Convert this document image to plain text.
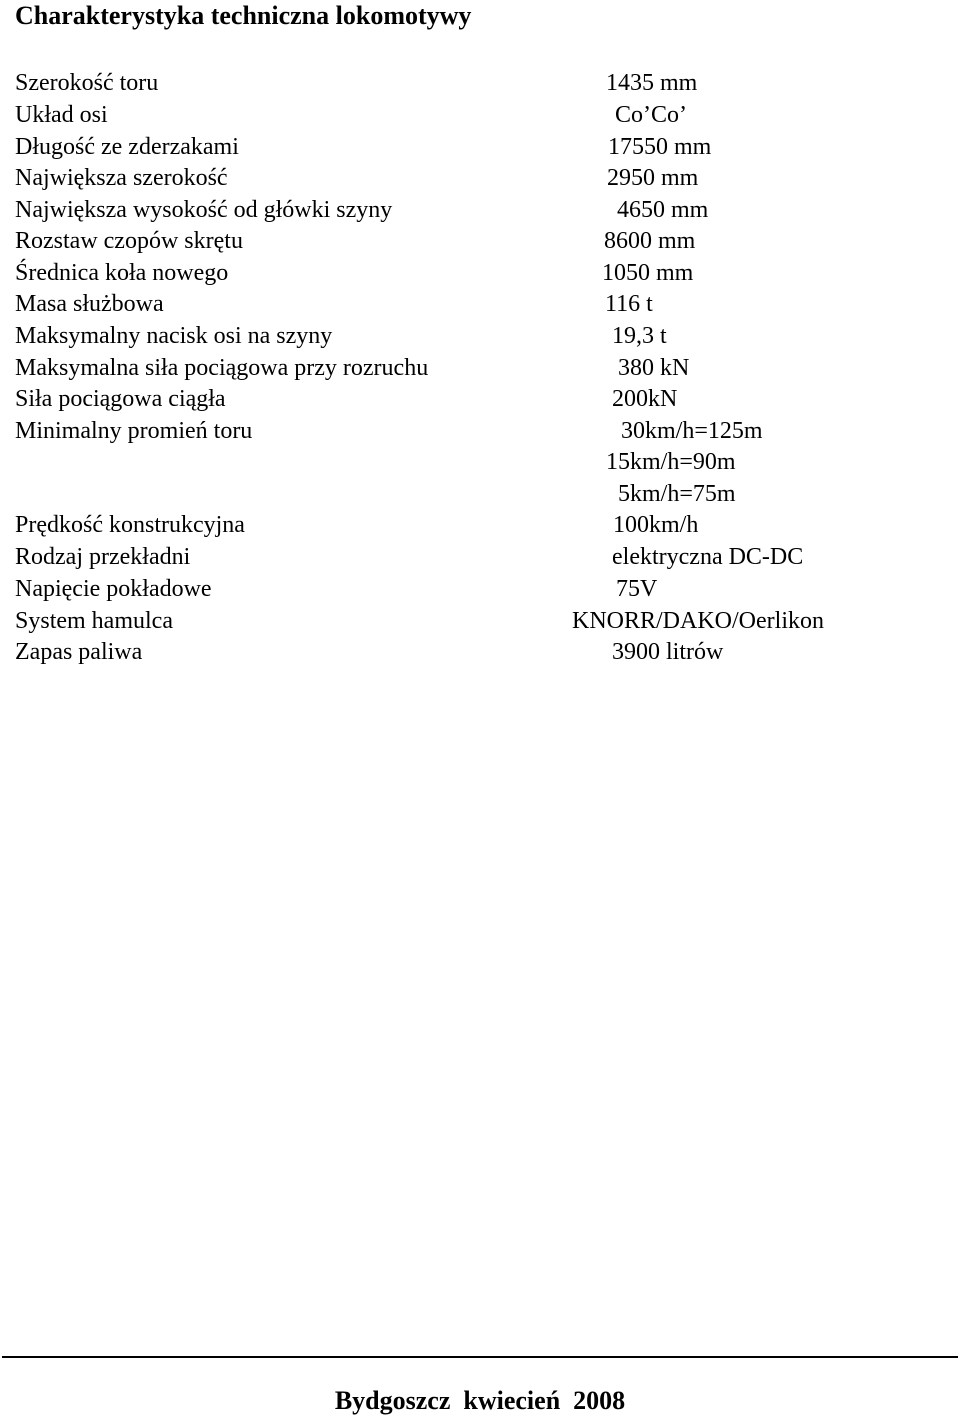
Charakterystyka techniczna lokomotywy
Szerokość toru
Układ osi
Długość ze zderzakami
Największa szerokość
Największa wysokość od główki szyny
Rozstaw czopów skrętu
Średnica koła nowego
Masa służbowa
Maksymalny nacisk osi na szyny
Maksymalna siła pociągowa przy rozruchu
Siła pociągowa ciągła
Minimalny promień toru
Prędkość konstrukcyjna
Rodzaj przekładni
Napięcie pokładowe
System hamulca
Zapas paliwa
1435 mm
Co’Co’
17550 mm
2950 mm
4650 mm
8600 mm
1050 mm
116 t
19,3 t
380 kN
200kN
30km/h=125m
15km/h=90m
5km/h=75m
100km/h
elektryczna DC-DC
75V
KNORR/DAKO/Oerlikon
3900 litrów
Bydgoszcz  kwiecień  2008
